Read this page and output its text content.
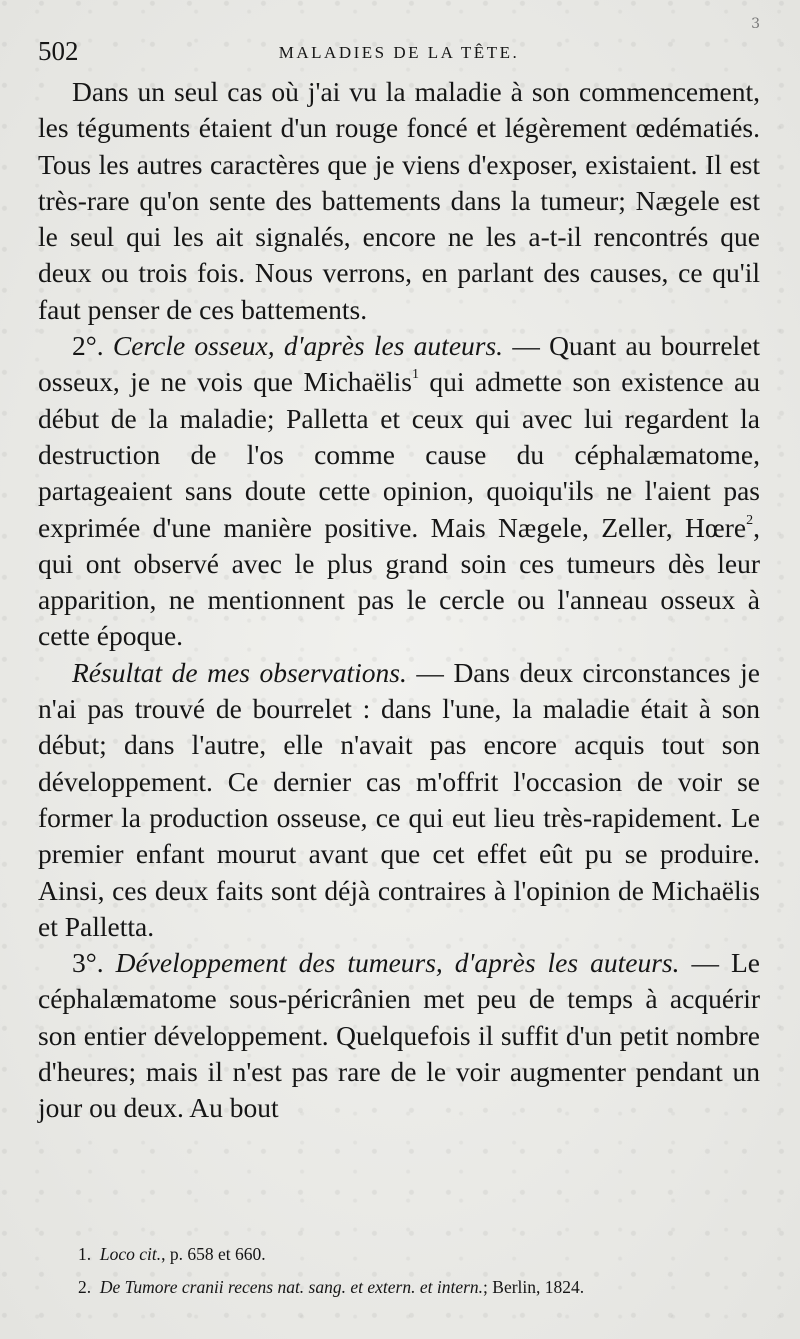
502	MALADIES DE LA TÊTE.
3

Dans un seul cas où j'ai vu la maladie à son commencement, les téguments étaient d'un rouge foncé et légèrement œdématiés. Tous les autres caractères que je viens d'exposer, existaient. Il est très-rare qu'on sente des battements dans la tumeur; Nægele est le seul qui les ait signalés, encore ne les a-t-il rencontrés que deux ou trois fois. Nous verrons, en parlant des causes, ce qu'il faut penser de ces battements.

2°. Cercle osseux, d'après les auteurs. — Quant au bourrelet osseux, je ne vois que Michaëlis$^1$ qui admette son existence au début de la maladie; Palletta et ceux qui avec lui regardent la destruction de l'os comme cause du céphalæmatome, partageaient sans doute cette opinion, quoiqu'ils ne l'aient pas exprimée d'une manière positive. Mais Nægele, Zeller, Hœre$^2$, qui ont observé avec le plus grand soin ces tumeurs dès leur apparition, ne mentionnent pas le cercle ou l'anneau osseux à cette époque.

Résultat de mes observations. — Dans deux circonstances je n'ai pas trouvé de bourrelet : dans l'une, la maladie était à son début; dans l'autre, elle n'avait pas encore acquis tout son développement. Ce dernier cas m'offrit l'occasion de voir se former la production osseuse, ce qui eut lieu très-rapidement. Le premier enfant mourut avant que cet effet eût pu se produire. Ainsi, ces deux faits sont déjà contraires à l'opinion de Michaëlis et Palletta.

3°. Développement des tumeurs, d'après les auteurs. — Le céphalæmatome sous-péricrânien met peu de temps à acquérir son entier développement. Quelquefois il suffit d'un petit nombre d'heures; mais il n'est pas rare de le voir augmenter pendant un jour ou deux. Au bout

1. Loco cit., p. 658 et 660.
2. De Tumore cranii recens nat. sang. et extern. et intern.; Berlin, 1824.
